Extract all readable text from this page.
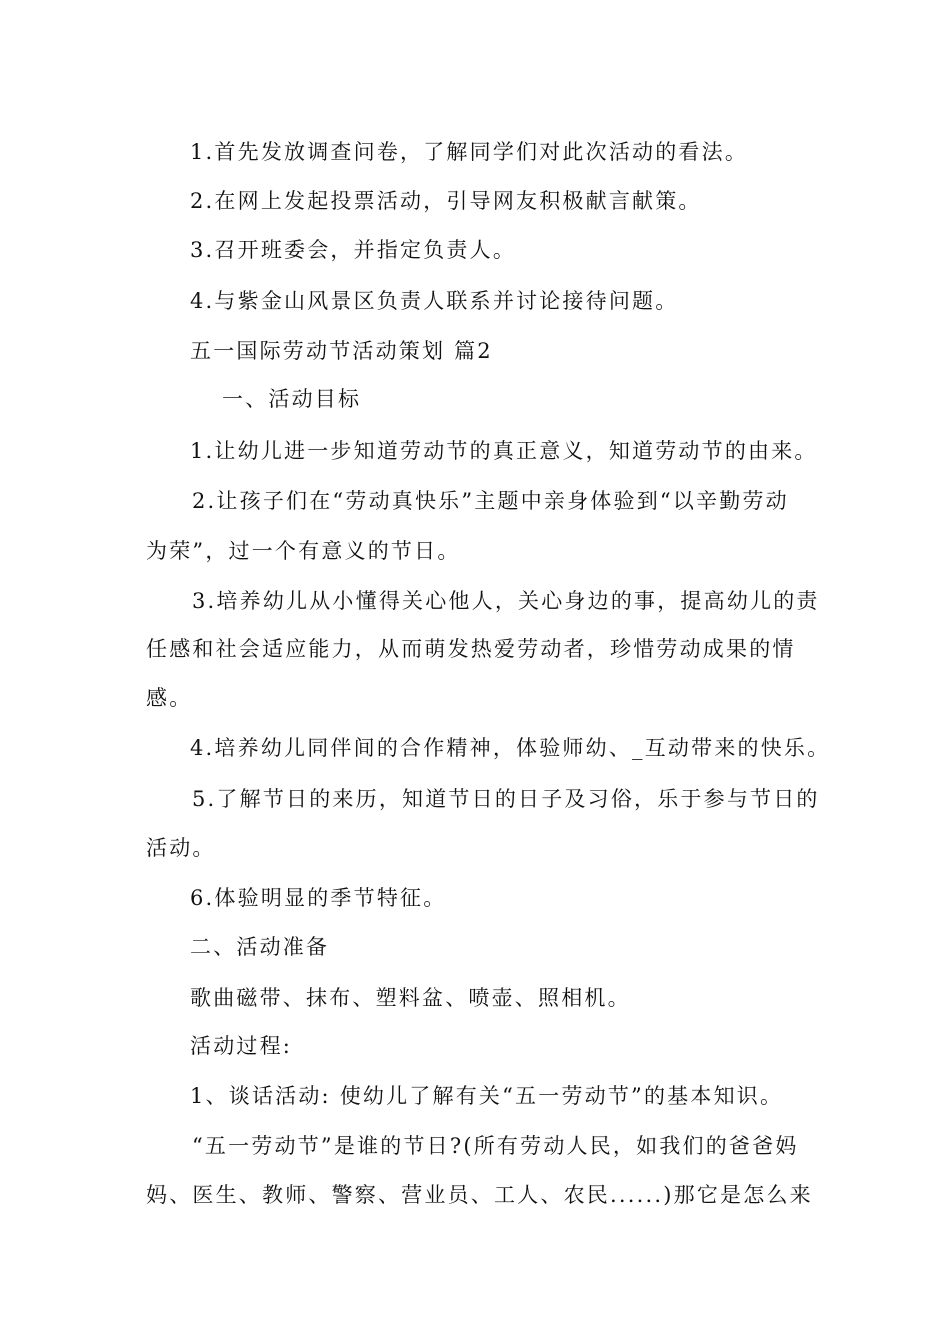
1.首先发放调查问卷，了解同学们对此次活动的看法。

2.在网上发起投票活动，引导网友积极献言献策。

3.召开班委会，并指定负责人。

4.与紫金山风景区负责人联系并讨论接待问题。

五一国际劳动节活动策划 篇2

一、活动目标

1.让幼儿进一步知道劳动节的真正意义，知道劳动节的由来。

2.让孩子们在“劳动真快乐”主题中亲身体验到“以辛勤劳动

为荣”，过一个有意义的节日。

3.培养幼儿从小懂得关心他人，关心身边的事，提高幼儿的责

任感和社会适应能力，从而萌发热爱劳动者，珍惜劳动成果的情

感。

4.培养幼儿同伴间的合作精神，体验师幼、_互动带来的快乐。

5.了解节日的来历，知道节日的日子及习俗，乐于参与节日的

活动。

6.体验明显的季节特征。

二、活动准备

歌曲磁带、抹布、塑料盆、喷壶、照相机。

活动过程:

1、谈话活动: 使幼儿了解有关“五一劳动节”的基本知识。

“五一劳动节”是谁的节日?(所有劳动人民，如我们的爸爸妈

妈、医生、教师、警察、营业员、工人、农民......)那它是怎么来
